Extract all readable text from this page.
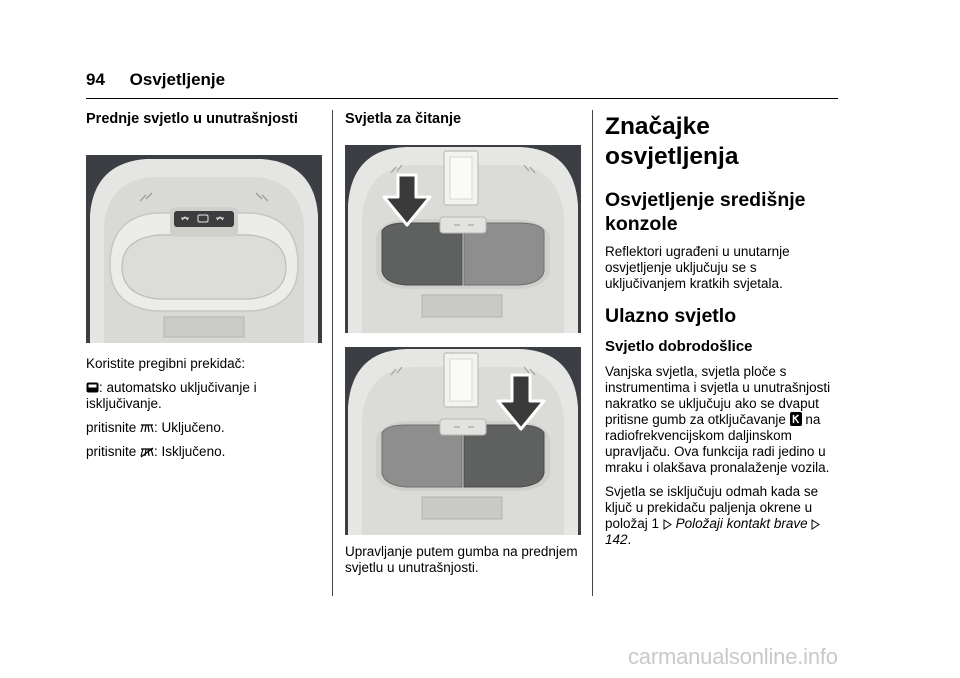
94 Osvjetljenje
Prednje svjetlo u unutrašnjosti
Koristite pregibni prekidač:
: automatsko uključivanje i isključivanje.
pritisnite : Uključeno.
pritisnite : Isključeno.
Svjetla za čitanje
Upravljanje putem gumba na prednjem svjetlu u unutrašnjosti.
Značajke osvjetljenja
Osvjetljenje središnje konzole
Reflektori ugrađeni u unutarnje osvjetljenje uključuju se s uključivanjem kratkih svjetala.
Ulazno svjetlo
Svjetlo dobrodošlice
Vanjska svjetla, svjetla ploče s instrumentima i svjetla u unutrašnjosti nakratko se uključuju ako se dvaput pritisne gumb za otključavanje na radiofrekvencijskom daljinskom upravljaču. Ova funkcija radi jedino u mraku i olakšava pronalaženje vozila.
Svjetla se isključuju odmah kada se ključ u prekidaču paljenja okrene u položaj 1 Položaji kontakt brave  142.
carmanualsonline.info
